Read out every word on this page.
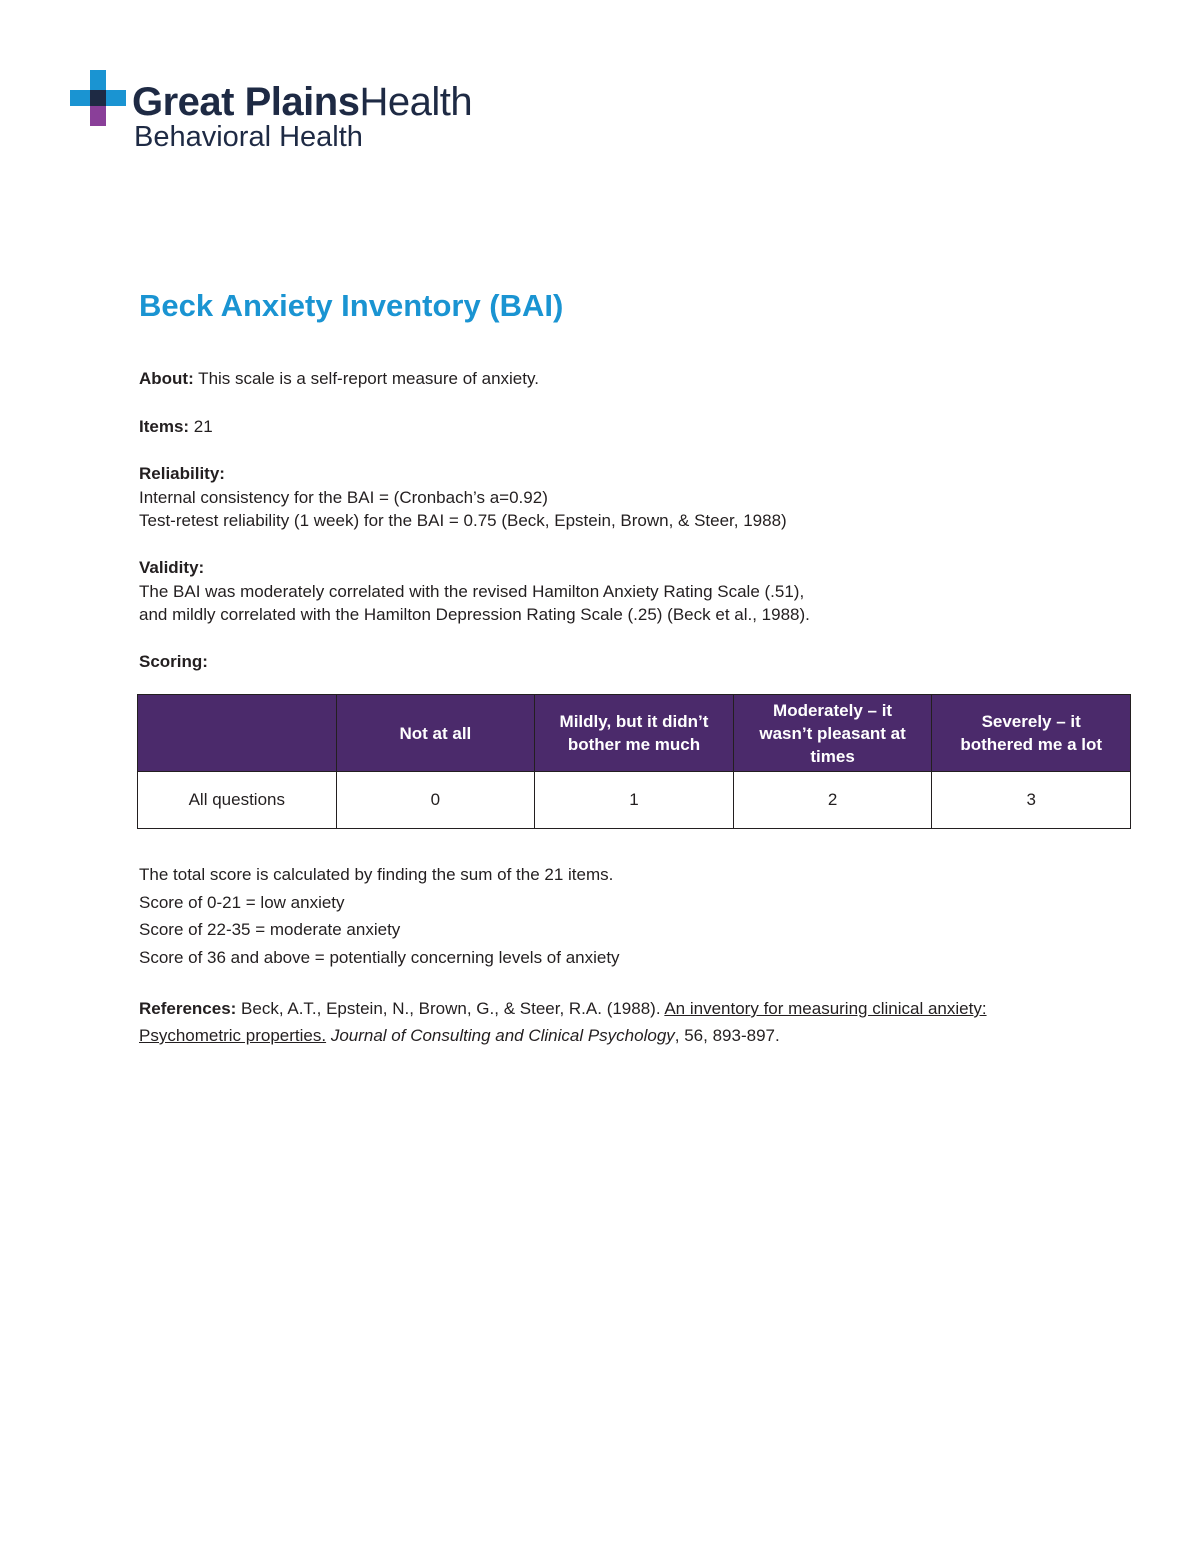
Great PlainsHealth
Behavioral Health
Beck Anxiety Inventory (BAI)

About: This scale is a self-report measure of anxiety.

Items: 21

Reliability:

Internal consistency for the BAI = (Cronbach’s a=0.92)

Test-retest reliability (1 week) for the BAI = 0.75 (Beck, Epstein, Brown, & Steer, 1988)

Validity:

The BAI was moderately correlated with the revised Hamilton Anxiety Rating Scale (.51),

and mildly correlated with the Hamilton Depression Rating Scale (.25) (Beck et al., 1988).

Scoring:

	Not at all	Mildly, but it didn’t bother me much	Moderately – it wasn’t pleasant at times	Severely – it bothered me a lot
All questions	0	1	2	3

The total score is calculated by finding the sum of the 21 items.

Score of 0-21 = low anxiety

Score of 22-35 = moderate anxiety

Score of 36 and above = potentially concerning levels of anxiety

References: Beck, A.T., Epstein, N., Brown, G., & Steer, R.A. (1988). An inventory for measuring clinical anxiety:

Psychometric properties. Journal of Consulting and Clinical Psychology, 56, 893-897.
